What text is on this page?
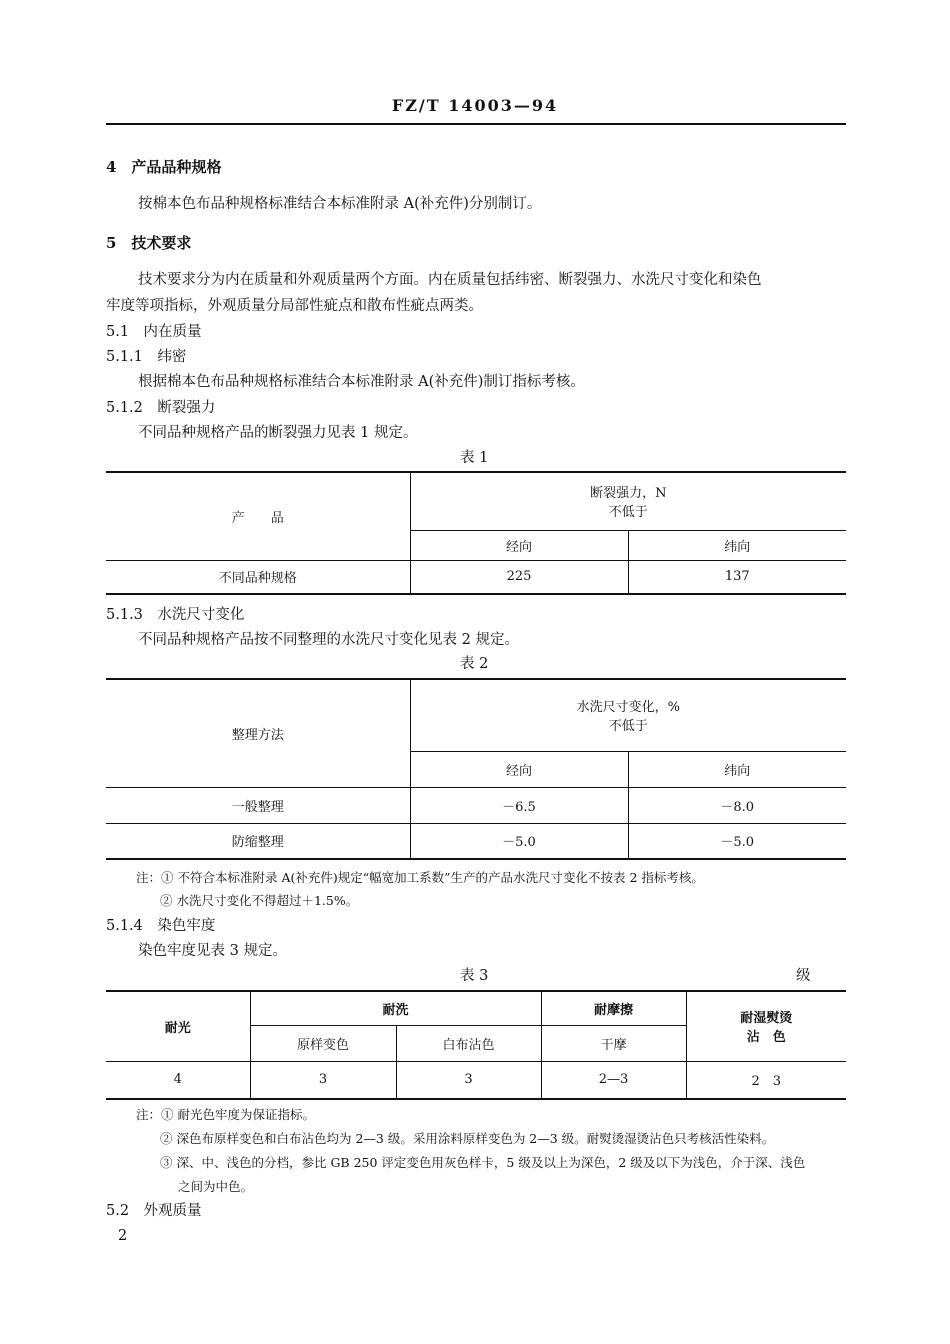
FZ/T 14003—94
4　产品品种规格
按棉本色布品种规格标准结合本标准附录 A(补充件)分别制订。
5　技术要求
技术要求分为内在质量和外观质量两个方面。内在质量包括纬密、断裂强力、水洗尺寸变化和染色
牢度等项指标，外观质量分局部性疵点和散布性疵点两类。
5.1　内在质量
5.1.1　纬密
根据棉本色布品种规格标准结合本标准附录 A(补充件)制订指标考核。
5.1.2　断裂强力
不同品种规格产品的断裂强力见表 1 规定。
表 1
产　　品	断裂强力，N
不低于	

	经向	纬向
不同品种规格	225	137
5.1.3　水洗尺寸变化
不同品种规格产品按不同整理的水洗尺寸变化见表 2 规定。
表 2
整理方法	水洗尺寸变化，%
不低于	

	经向	纬向
一般整理	－6.5	－8.0
防缩整理	－5.0	－5.0
注：① 不符合本标准附录 A(补充件)规定“幅宽加工系数”生产的产品水洗尺寸变化不按表 2 指标考核。
② 水洗尺寸变化不得超过＋1.5%。
5.1.4　染色牢度
染色牢度见表 3 规定。
表 3	级
耐光	耐洗		耐摩擦	耐湿熨烫
沾　色

	原样变色	白布沾色	干摩	
4	3	3	2—3	2　3
注：① 耐光色牢度为保证指标。
② 深色布原样变色和白布沾色均为 2—3 级。采用涂料原样变色为 2—3 级。耐熨烫湿烫沾色只考核活性染料。
③ 深、中、浅色的分档，参比 GB 250 评定变色用灰色样卡，5 级及以上为深色，2 级及以下为浅色，介于深、浅色
之间为中色。
5.2　外观质量
2
